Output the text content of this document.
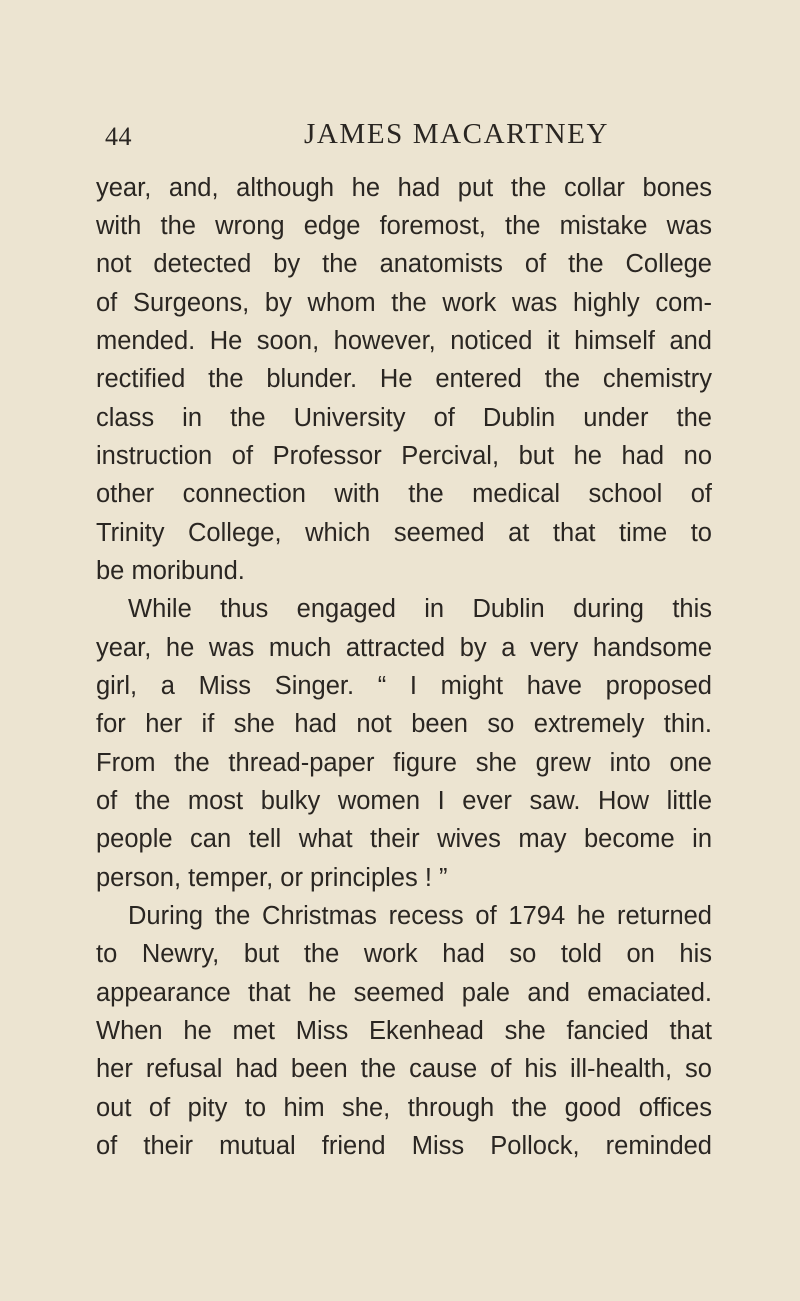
44	JAMES MACARTNEY
year, and, although he had put the collar bones
with the wrong edge foremost, the mistake was
not detected by the anatomists of the College
of Surgeons, by whom the work was highly com-
mended. He soon, however, noticed it himself and
rectified the blunder. He entered the chemistry
class in the University of Dublin under the
instruction of Professor Percival, but he had no
other connection with the medical school of
Trinity College, which seemed at that time to
be moribund.
While thus engaged in Dublin during this
year, he was much attracted by a very handsome
girl, a Miss Singer. “ I might have proposed
for her if she had not been so extremely thin.
From the thread-paper figure she grew into one
of the most bulky women I ever saw. How little
people can tell what their wives may become in
person, temper, or principles ! ”
During the Christmas recess of 1794 he returned
to Newry, but the work had so told on his
appearance that he seemed pale and emaciated.
When he met Miss Ekenhead she fancied that
her refusal had been the cause of his ill-health, so
out of pity to him she, through the good offices
of their mutual friend Miss Pollock, reminded
